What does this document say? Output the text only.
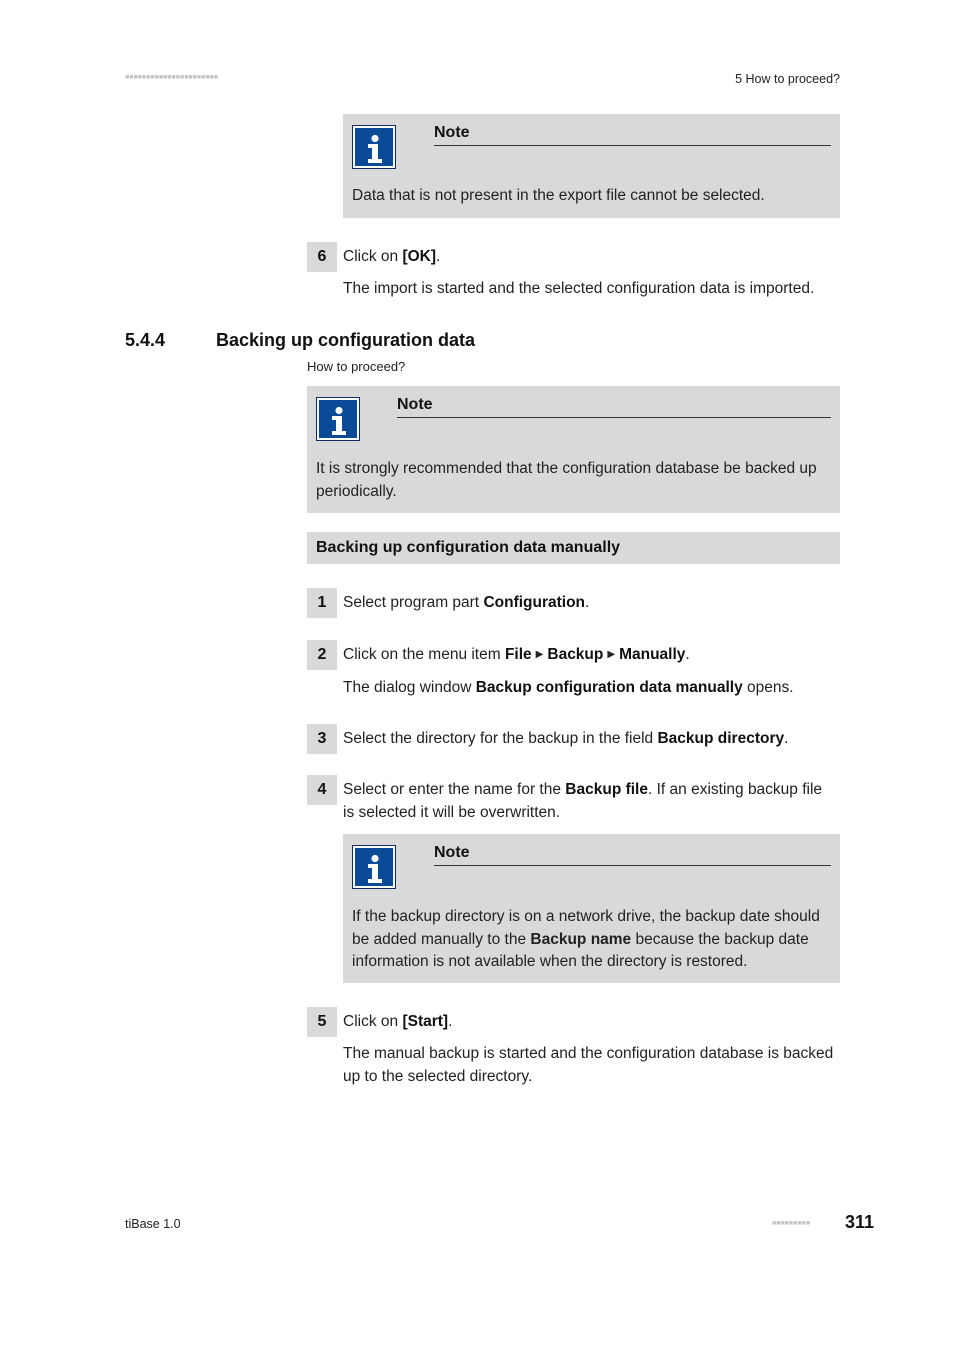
■■■■■■■■■■■■■■■■■■■■■■	5 How to proceed?
Note
Data that is not present in the export file cannot be selected.
6	Click on [OK].
The import is started and the selected configuration data is imported.
5.4.4	Backing up configuration data
How to proceed?
Note
It is strongly recommended that the configuration database be backed up
periodically.
Backing up configuration data manually
1	Select program part Configuration.
2	Click on the menu item File ▶ Backup ▶ Manually.
The dialog window Backup configuration data manually opens.
3	Select the directory for the backup in the field Backup directory.
4	Select or enter the name for the Backup file. If an existing backup file
is selected it will be overwritten.
Note
If the backup directory is on a network drive, the backup date should
be added manually to the Backup name because the backup date
information is not available when the directory is restored.
5	Click on [Start].
The manual backup is started and the configuration database is backed
up to the selected directory.
tiBase 1.0	■■■■■■■■■ 311
